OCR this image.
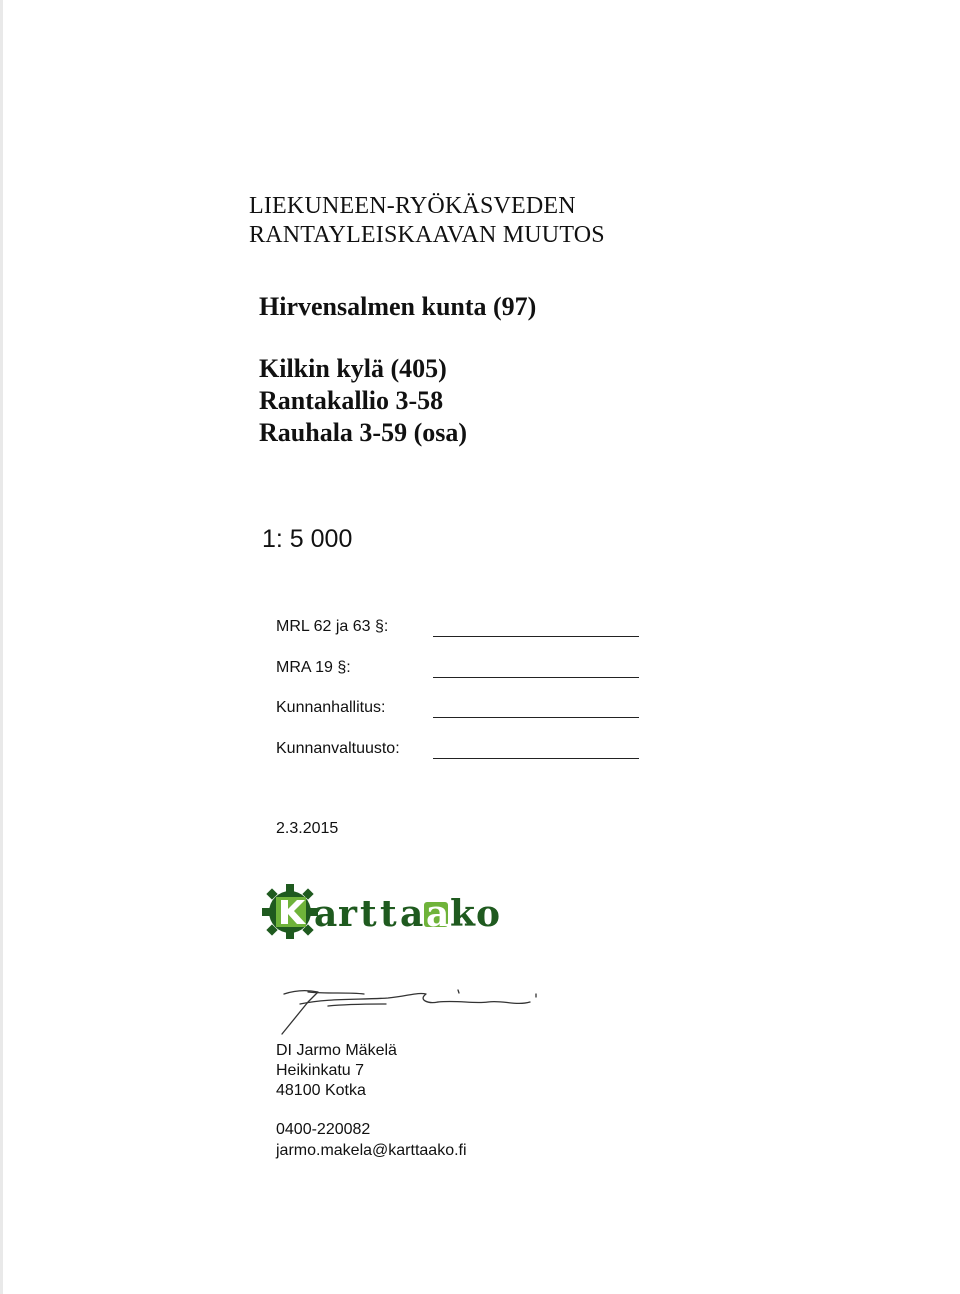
LIEKUNEEN-RYÖKÄSVEDEN
RANTAYLEISKAAVAN MUUTOS
Hirvensalmen kunta (97)
Kilkin kylä (405)
Rantakallio 3-58
Rauhala 3-59 (osa)
1: 5 000
MRL 62 ja 63 §:
MRA 19 §:
Kunnanhallitus:
Kunnanvaltuusto:
2.3.2015
a r t t a a k o
DI Jarmo Mäkelä
Heikinkatu 7
48100 Kotka
0400-220082
jarmo.makela@karttaako.fi
